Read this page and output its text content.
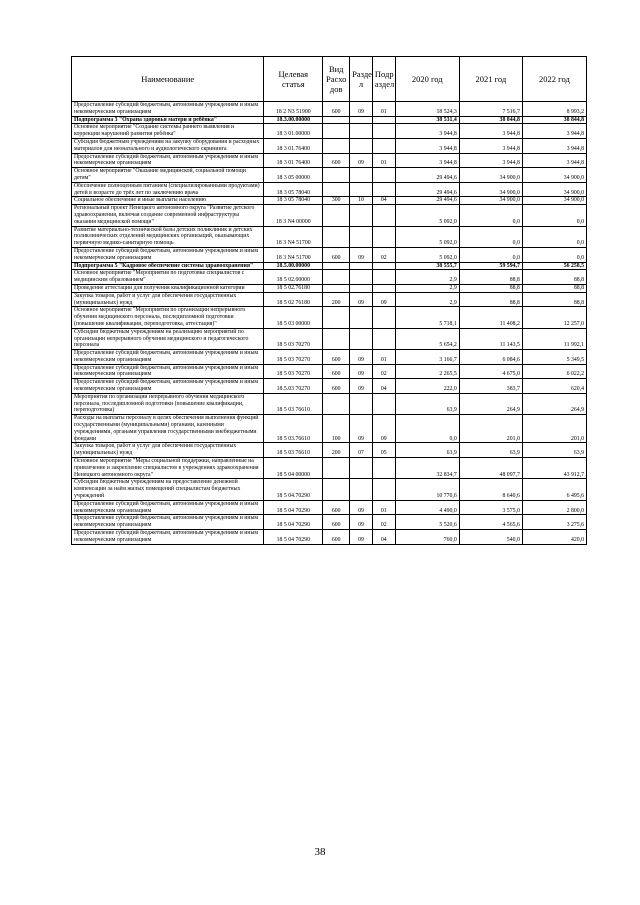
Наименование	Целевая статья	Вид Расхо дов	Разде л	Подр аздел	2020 год	2021 год	2022 год
Предоставление субсидий бюджетным, автономным учреждениям и иным некоммерческим организациям	18 2 N3 51900	600	09	01	18 524,3	7 516,7	8 993,2
Подпрограмма 3 "Охрана здоровья матери и ребёнка"	18.3.00.00000				38 531,4	38 844,8	38 844,8
Основное мероприятие "Создание системы раннего выявления и коррекции нарушений развития ребёнка"	18 3 01.00000				3 944,8	3 944,8	3 944,8
Субсидия бюджетным учреждениям на закупку оборудования и расходных материалов для неонатального и аудиологического скрининга	18 3 01.76400				3 944,8	3 944,8	3 944,8
Предоставление субсидий бюджетным, автономным учреждениям и иным некоммерческим организациям	18 3 01 76400	600	09	01	3 944,8	3 944,8	3 944,8
Основное мероприятие "Оказание медицинской, социальной помощи детям"	18 3 05 00000				29 494,6	34 900,0	34 900,0
Обеспечение полноценным питанием (специализированными продуктами) детей в возрасте до трёх лет по заключению врача	18 3 05 78040				29 494,6	34 900,0	34 900,0
Социальное обеспечение и иные выплаты населению	18 3 05 78040	300	10	04	29 494,6	34 900,0	34 900,0
Региональный проект Ненецкого автономного округа "Развитие детского здравоохранения, включая создание современной инфраструктуры оказания медицинской помощи"	18 3 N4 00000				5 092,0	0,0	0,0
Развитие материально-технической базы детских поликлиник и детских поликлинических отделений медицинских организаций, оказывающих первичную медико-санитарную помощь	18 3 N4 51700				5 092,0	0,0	0,0
Предоставление субсидий бюджетным, автономным учреждениям и иным некоммерческим организациям	18 3 N4 51700	600	09	02	5 092,0	0,0	0,0
Подпрограмма 5 "Кадровое обеспечение системы здравоохранения"	18.5.00.00000				38 555,7	59 594,7	56 258,5
Основное мероприятие "Мероприятия по подготовке специалистов с медицинским образованием"	18 5 02.00000				2,9	88,8	88,8
Проведение аттестации для получения квалификационной категории	18 5 02.76180				2,9	88,8	88,8
Закупка товаров, работ и услуг для обеспечения государственных (муниципальных) нужд	18 5 02 76180	200	09	09	2,9	88,8	88,8
Основное мероприятие "Мероприятия по организации непрерывного обучения медицинского персонала, последипломной подготовки (повышение квалификации, переподготовка, аттестация)"	18 5 03 00000				5 718,1	11 408,2	12 257,0
Субсидии бюджетным учреждениям на реализацию мероприятий по организации непрерывного обучения медицинского и педагогического персонала	18 5 03 70270				5 654,2	11 143,5	11 992,1
Предоставление субсидий бюджетным, автономным учреждениям и иным некоммерческим организациям	18 5 03 70270	600	09	01	3 166,7	6 084,6	5 349,5
Предоставление субсидий бюджетным, автономным учреждениям и иным некоммерческим организациям	18 5 03 70270	600	09	02	2 265,5	4 675,0	6 022,2
Предоставление субсидий бюджетным, автономным учреждениям и иным некоммерческим организациям	18.5.03 70270	600	09	04	222,0	383,7	620,4
Мероприятия по организации непрерывного обучения медицинского персонала, последипломной подготовки (повышение квалификации, переподготовка)	18 5 03 76610				63,9	264,9	264,9
Расходы на выплаты персоналу в целях обеспечения выполнения функций государственными (муниципальными) органами, казенными учреждениями, органами управления государственными внебюджетными фондами	18 5 03.76610	100	09	09	0,0	201,0	201,0
Закупка товаров, работ и услуг для обеспечения государственных (муниципальных) нужд	18 5 03 76610	200	07	05	63,9	63,9	63,9
Основное мероприятие "Меры социальной поддержки, направленные на привлечение и закрепление специалистов в учреждениях здравоохранения Ненецкого автономного округа"	18 5 04 00000				32 834,7	48 097,7	43 912,7
Субсидии бюджетным учреждениям на предоставление денежной компенсации за наём жилых помещений специалистам бюджетных учреждений	18 5 04.70290				10 770,6	8 640,6	6 495,6
Предоставление субсидий бюджетным, автономным учреждениям и иным некоммерческим организациям	18 5 04 70290	600	09	01	4 490,0	3 575,0	2 800,0
Предоставление субсидий бюджетным, автономным учреждениям и иным некоммерческим организациям	18 5 04 70290	600	09	02	5 520,6	4 565,6	3 275,6
Предоставление субсидий бюджетным, автономным учреждениям и иным некоммерческим организациям	18 5 04 70290	600	09	04	760,0	540,0	420,0
38
